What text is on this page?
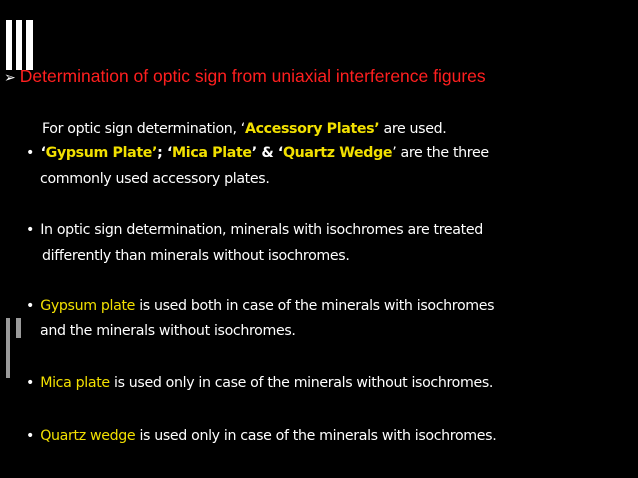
➢ Determination of optic sign from uniaxial interference figures
For optic sign determination, ‘Accessory Plates’ are used.
• ‘Gypsum Plate’; ‘Mica Plate’ & ‘Quartz Wedge’ are the three
commonly used accessory plates.
• In optic sign determination, minerals with isochromes are treated
differently than minerals without isochromes.
• Gypsum plate is used both in case of the minerals with isochromes
and the minerals without isochromes.
• Mica plate is used only in case of the minerals without isochromes.
• Quartz wedge is used only in case of the minerals with isochromes.
